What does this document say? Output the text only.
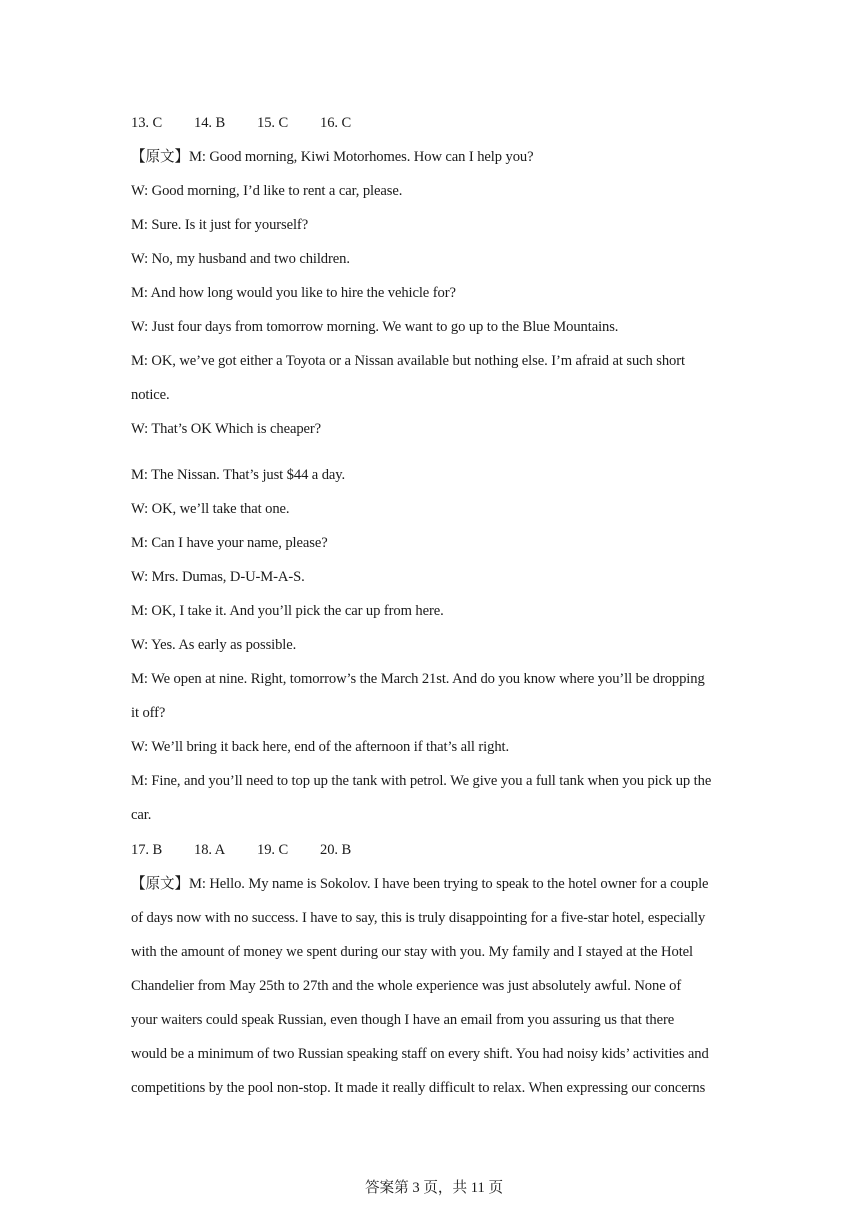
13. C 14. B 15. C 16. C
【原文】M: Good morning, Kiwi Motorhomes. How can I help you?
W: Good morning, I’d like to rent a car, please.
M: Sure. Is it just for yourself?
W: No, my husband and two children.
M: And how long would you like to hire the vehicle for?
W: Just four days from tomorrow morning. We want to go up to the Blue Mountains.
M: OK, we’ve got either a Toyota or a Nissan available but nothing else. I’m afraid at such short
notice.
W: That’s OK Which is cheaper?
M: The Nissan. That’s just $44 a day.
W: OK, we’ll take that one.
M: Can I have your name, please?
W: Mrs. Dumas, D-U-M-A-S.
M: OK, I take it. And you’ll pick the car up from here.
W: Yes. As early as possible.
M: We open at nine. Right, tomorrow’s the March 21st. And do you know where you’ll be dropping
it off?
W: We’ll bring it back here, end of the afternoon if that’s all right.
M: Fine, and you’ll need to top up the tank with petrol. We give you a full tank when you pick up the
car.
17. B 18. A 19. C 20. B
【原文】M: Hello. My name is Sokolov. I have been trying to speak to the hotel owner for a couple
of days now with no success. I have to say, this is truly disappointing for a five-star hotel, especially
with the amount of money we spent during our stay with you. My family and I stayed at the Hotel
Chandelier from May 25th to 27th and the whole experience was just absolutely awful. None of
your waiters could speak Russian, even though I have an email from you assuring us that there
would be a minimum of two Russian speaking staff on every shift. You had noisy kids’ activities and
competitions by the pool non-stop. It made it really difficult to relax. When expressing our concerns
答案第 3 页，共 11 页
